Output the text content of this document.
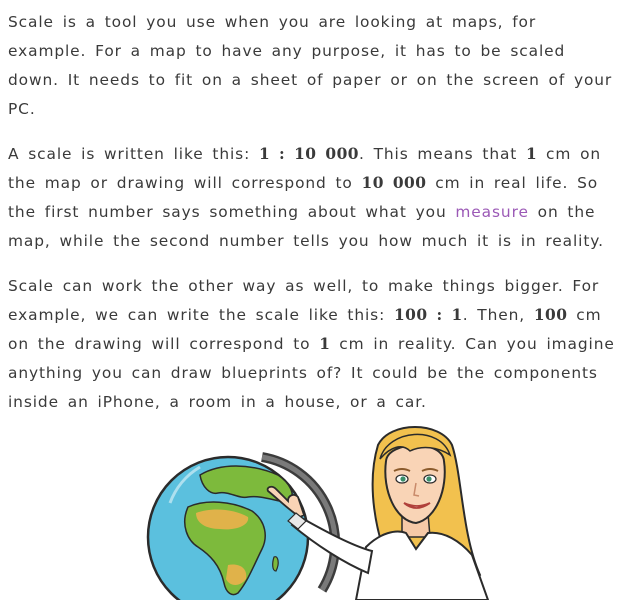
Scale is a tool you use when you are looking at maps, for example. For a map to have any purpose, it has to be scaled down. It needs to fit on a sheet of paper or on the screen of your PC.

A scale is written like this: 1 : 10 000. This means that 1 cm on the map or drawing will correspond to 10 000 cm in real life. So the first number says something about what you measure on the map, while the second number tells you how much it is in reality.

Scale can work the other way as well, to make things bigger. For example, we can write the scale like this: 100 : 1. Then, 100 cm on the drawing will correspond to 1 cm in reality. Can you imagine anything you can draw blueprints of? It could be the components inside an iPhone, a room in a house, or a car.
